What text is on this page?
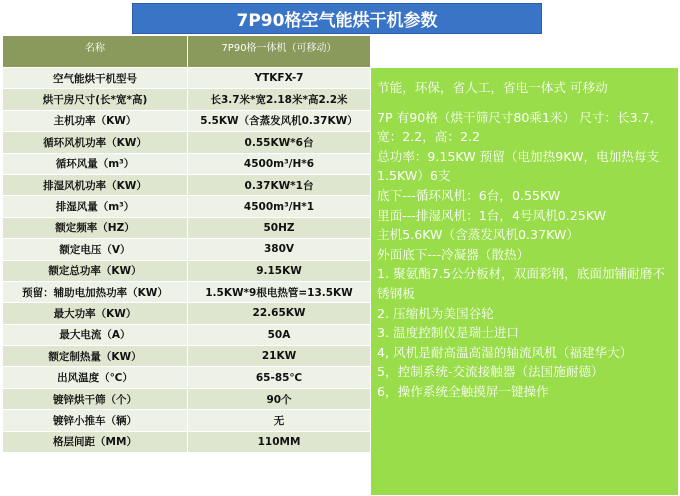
7P90格空气能烘干机参数
名称	7P90格一体机（可移动）
空气能烘干机型号	YTKFX-7
烘干房尺寸(长*宽*高)	长3.7米*宽2.18米*高2.2米
主机功率（KW）	5.5KW（含蒸发风机0.37KW）
循环风机功率（KW）	0.55KW*6台
循环风量（m³）	4500m³/H*6
排湿风机功率（KW）	0.37KW*1台
排湿风量（m³）	4500m³/H*1
额定频率（HZ）	50HZ
额定电压（V）	380V
额定总功率（KW）	9.15KW
预留：辅助电加热功率（KW）	1.5KW*9根电热管=13.5KW
最大功率（KW）	22.65KW
最大电流（A）	50A
额定制热量（KW）	21KW
出风温度（℃）	65-85℃
镀锌烘干筛（个）	90个
镀锌小推车（辆）	无
格层间距（MM）	110MM

节能，环保，省人工，省电一体式 可移动

7P 有90格（烘干筛尺寸80乘1米） 尺寸：长3.7，宽：2.2，高：2.2

总功率：9.15KW 预留（电加热9KW，电加热每支1.5KW）6支

底下---循环风机：6台，0.55KW

里面---排湿风机：1台，4号风机0.25KW

主机5.6KW（含蒸发风机0.37KW）

外面底下---冷凝器（散热）

1. 聚氨酯7.5公分板材，双面彩钢，底面加铺耐磨不锈钢板

2. 压缩机为美国谷轮

3. 温度控制仪是瑞士进口

4, 风机是耐高温高湿的轴流风机（福建华大）

5，控制系统-交流接触器（法国施耐德）

6，操作系统全触摸屏一键操作
